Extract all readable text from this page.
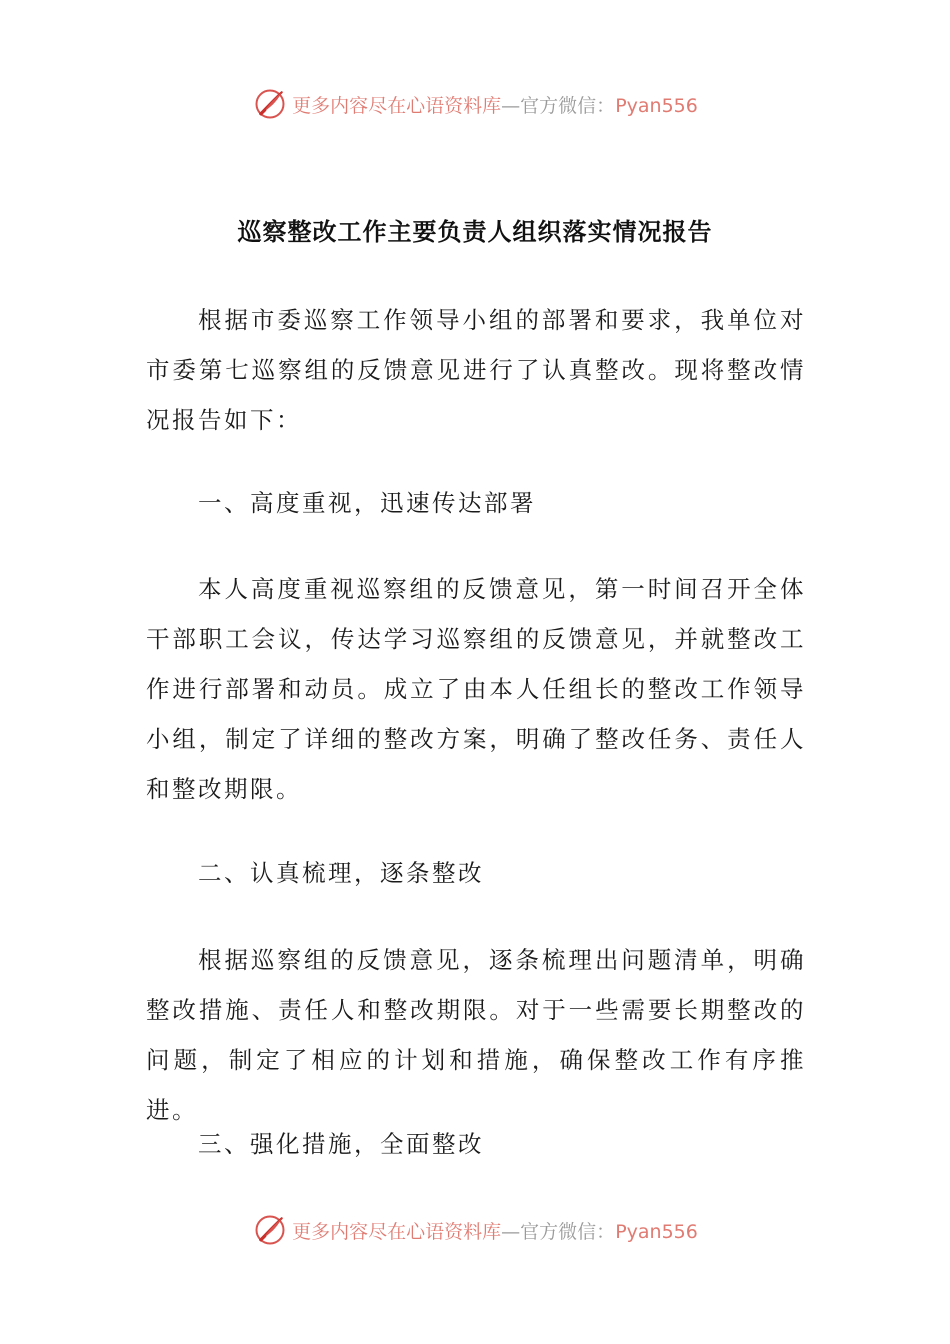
更多内容尽在心语资料库—官方微信：Pyan556
巡察整改工作主要负责人组织落实情况报告

根据市委巡察工作领导小组的部署和要求，我单位对市委第七巡察组的反馈意见进行了认真整改。现将整改情况报告如下：

一、高度重视，迅速传达部署

本人高度重视巡察组的反馈意见，第一时间召开全体干部职工会议，传达学习巡察组的反馈意见，并就整改工作进行部署和动员。成立了由本人任组长的整改工作领导小组，制定了详细的整改方案，明确了整改任务、责任人和整改期限。

二、认真梳理，逐条整改

根据巡察组的反馈意见，逐条梳理出问题清单，明确整改措施、责任人和整改期限。对于一些需要长期整改的问题，制定了相应的计划和措施，确保整改工作有序推进。

三、强化措施，全面整改

更多内容尽在心语资料库—官方微信：Pyan556
